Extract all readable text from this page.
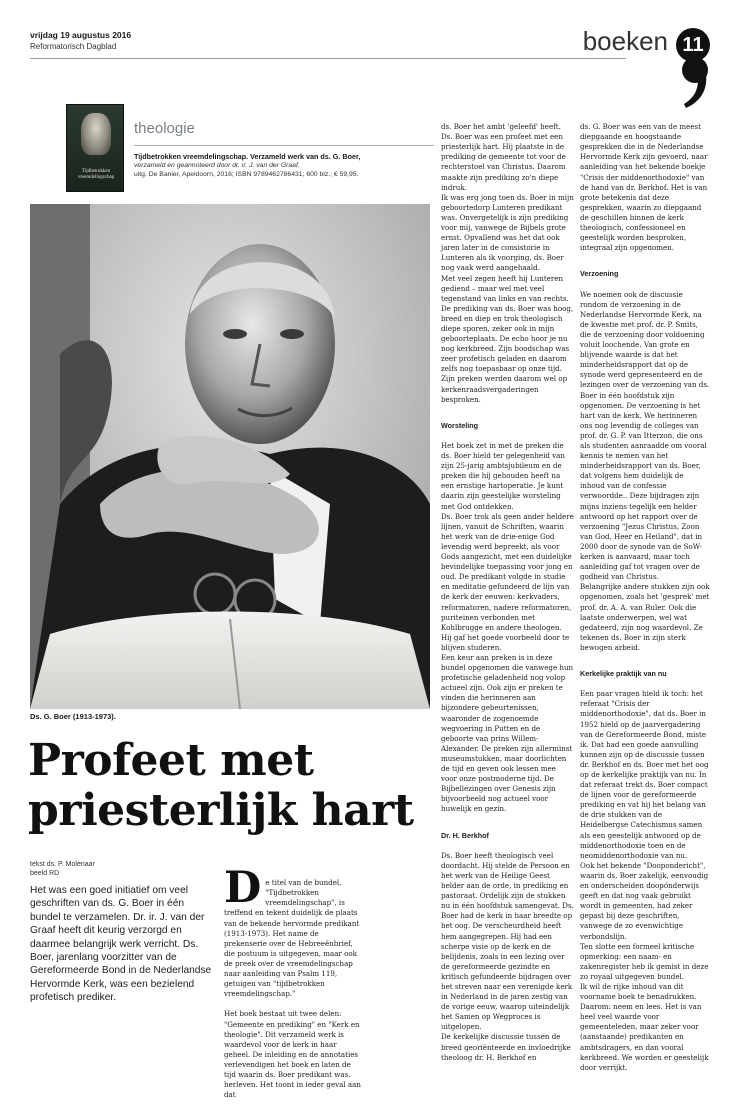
vrijdag 19 augustus 2016
Reformatorisch Dagblad	boeken 11
Tijdbetrokken vreemdelingschap
theologie
Tijdbetrokken vreemdelingschap. Verzameld werk van ds. G. Boer,
verzameld en geannoteerd door dr. ir. J. van der Graaf.
uitg. De Banier, Apeldoorn, 2016; ISBN 9789462786431; 600 blz.; € 59,95.
Ds. G. Boer (1913-1973).
Profeet met priesterlijk hart
tekst ds. P. Molenaar
beeld RD

Het was een goed initiatief om veel geschriften van ds. G. Boer in één bundel te verzamelen. Dr. ir. J. van der Graaf heeft dit keurig verzorgd en daarmee belangrijk werk verricht. Ds. Boer, jarenlang voorzitter van de Gereformeerde Bond in de Nederlandse Hervormde Kerk, was een bezielend profetisch prediker.

D e titel van de bundel, "Tijdbetrokken vreemdelingschap", is treffend en tekent duidelijk de plaats van de bekende hervormde predikant (1913-1973). Het name de prekenserie over de Hebreeënbrief, die postuum is uitgegeven, maar ook de preek over de vreemdelingschap naar aanleiding van Psalm 119, getuigen van "tijdbetrokken vreemdelingschap."

Het boek bestaat uit twee delen: "Gemeente en prediking" en "Kerk en theologie". Dit verzameld werk is waardevol voor de kerk in haar geheel. De inleiding en de annotaties verlevendigen het boek en laten de tijd waarin ds. Boer predikant was, herleven. Het toont in ieder geval aan dat

ds. Boer het ambt 'geleefd' heeft.
Ds. Boer was een profeet met een priesterlijk hart. Hij plaatste in de prediking de gemeente tot voor de rechterstoel van Christus. Daarom maakte zijn prediking zo'n diepe indruk.
Ik was erg jong toen ds. Boer in mijn geboortedorp Lunteren predikant was. Onvergetelijk is zijn prediking voor mij, vanwege de Bijbels grote ernst. Opvallend was het dat ook jaren later in de consistorie in Lunteren als ik voorging, ds. Boer nog vaak werd aangehaald.
Met veel zegen heeft hij Lunteren gediend – maar wel met veel tegenstand van links en van rechts. De prediking van ds. Boer was hoog, breed en diep en trok theologisch diepe sporen, zeker ook in mijn geboorteplaats. De echo hoor je nu nog kerkbreed. Zijn boodschap was zeer profetisch geladen en daarom zelfs nog toepasbaar op onze tijd. Zijn preken werden daarom wel op kerkenraadsvergaderingen besproken.

Worsteling

Het boek zet in met de preken die ds. Boer hield ter gelegenheid van zijn 25-jarig ambtsjubileum en de preken die hij gehouden heeft na een ernstige hartoperatie. Je kunt daarin zijn geestelijke worsteling met God ontdekken.
Ds. Boer trok als geen ander heldere lijnen, vanuit de Schriften, waarin het werk van de drie-enige God levendig werd bepreekt, als voor Gods aangezicht, met een duidelijke bevindelijke toepassing voor jong en oud. De predikant volgde in studie en meditatie gefundeerd de lijn van de kerk der eeuwen: kerkvaders, reformatoren, nadere reformatoren, puriteinen verbonden met Kohlbrugge en andere theologen. Hij gaf het goede voorbeeld door te blijven studeren.
Een keur aan preken is in deze bundel opgenomen die vanwege hun profetische geladenheid nog volop actueel zijn. Ook zijn er preken te vinden die herinneren aan bijzondere gebeurtenissen, waaronder de zogenoemde wegvoering in Putten en de geboorte van prins Willem-Alexander. De preken zijn allerminst museumstukken, maar doorlichten de tijd en geven ook lessen mee voor onze postmoderne tijd. De Bijbellezingen over Genesis zijn bijvoorbeeld nog actueel voor huwelijk en gezin.

Dr. H. Berkhof

Ds. Boer heeft theologisch veel doordacht. Hij stelde de Persoon en het werk van de Heilige Geest helder aan de orde, in prediking en pastoraat. Ordelijk zijn de stukken nu in één hoofdstuk samengevat. Ds. Boer had de kerk in haar breedte op het oog. De verscheurdheid heeft hem aangegrepen. Hij had een scherpe visie op de kerk en de belijdenis, zoals in een lezing over de gereformeerde gezindte en kritisch gefundeerde bijdragen over het streven naar een verenigde kerk in Nederland in de jaren zestig van de vorige eeuw, waarop uiteindelijk het Samen op Wegproces is uitgelopen.
De kerkelijke discussie tussen de breed georiënteerde en invloedrijke theoloog dr. H. Berkhof en

ds. G. Boer was een van de meest diepgaande en hoogstaande gesprekken die in de Nederlandse Hervormde Kerk zijn gevoerd, naar aanleiding van het bekende boekje "Crisis der middenorthodoxie" van de hand van dr. Berkhof. Het is van grote betekenis dat deze gesprekken, waarin zo diepgaand de geschillen binnen de kerk theologisch, confessioneel en geestelijk worden besproken, integraal zijn opgenomen.

Verzoening

We noemen ook de discussie rondom de verzoening in de Nederlandse Hervormde Kerk, na de kwestie met prof. dr. P. Smits, die de verzoening door voldoening voluit loochende. Van grote en blijvende waarde is dat het minderheidsrapport dat op de synode werd gepresenteerd en de lezingen over de verzoening van ds. Boer in één hoofdstuk zijn opgenomen. De verzoening is het hart van de kerk. We herinneren ons nog levendig de colleges van prof. dr. G. P. van Itterzon, die ons als studenten aanraadde om vooral kennis te nemen van het minderheidsrapport van ds. Boer, dat volgens hem duidelijk de inhoud van de confessie verwoordde.. Deze bijdragen zijn mijns inziens tegelijk een helder antwoord op het rapport over de verzoening "Jezus Christus, Zoon van God, Heer en Heiland", dat in 2000 door de synode van de SoW-kerken is aanvaard, maar toch aanleiding gaf tot vragen over de godheid van Christus.
Belangrijke andere stukken zijn ook opgenomen, zoals het 'gesprek' met prof. dr. A. A. van Ruler. Ook die laatste onderwerpen, wel wat gedateerd, zijn nog waardevol. Ze tekenen ds. Boer in zijn sterk bewogen arbeid.

Kerkelijke praktijk van nu

Een paar vragen hield ik toch: het referaat "Crisis der middenorthodoxie", dat ds. Boer in 1952 hield op de jaarvergadering van de Gereformeerde Bond, miste ik. Dat had een goede aanvulling kunnen zijn op de discussie tussen dr. Berkhof en ds. Boer met het oog op de kerkelijke praktijk van nu. In dat referaat trekt ds. Boer compact de lijnen voor de gereformeerde prediking en vat hij het belang van de drie stukken van de Heidelbergse Catechismus samen als een geestelijk antwoord op de middenorthodoxie toen en de neomiddenorthodoxie van nu.
Ook het bekende "Doopondericht", waarin ds. Boer zakelijk, eenvoudig en onderscheiden doopónderwijs geeft en dat nog vaak gebruikt wordt in gemeenten, had zeker gepast bij deze geschriften, vanwege de zo evenwichtige verbondslijn.
Ten slotte een formeel kritische opmerking: een naam- en zakenregister heb ik gemist in deze zo royaal uitgegeven bundel.
Ik wil de rijke inhoud van dit voorname boek te benadrukken. Daarom: neem en lees. Het is van heel veel waarde voor gemeenteleden, maar zeker voor (aanstaande) predikanten en ambtsdragers, en dan vooral kerkbreed. We worden er geestelijk door verrijkt.
